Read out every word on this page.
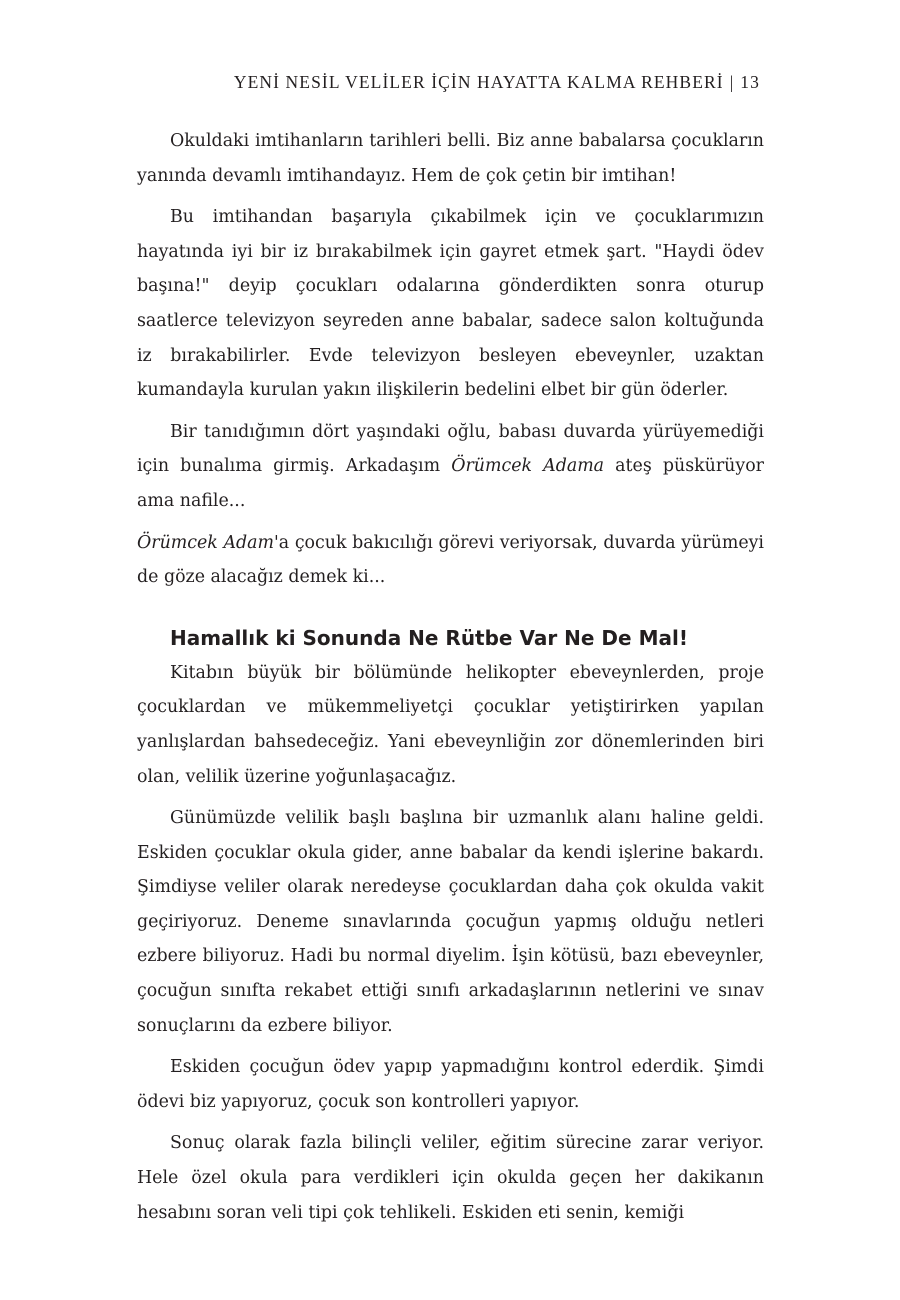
YENİ NESİL VELİLER İÇİN HAYATTA KALMA REHBERİ | 13

Okuldaki imtihanların tarihleri belli. Biz anne babalarsa çocukların yanında devamlı imtihandayız. Hem de çok çetin bir imtihan!

Bu imtihandan başarıyla çıkabilmek için ve çocuklarımızın hayatında iyi bir iz bırakabilmek için gayret etmek şart. "Haydi ödev başına!" deyip çocukları odalarına gönderdikten sonra oturup saatlerce televizyon seyreden anne babalar, sadece salon koltuğunda iz bırakabilirler. Evde televizyon besleyen ebeveynler, uzaktan kumandayla kurulan yakın ilişkilerin bedelini elbet bir gün öderler.

Bir tanıdığımın dört yaşındaki oğlu, babası duvarda yürüyemediği için bunalıma girmiş. Arkadaşım Örümcek Adama ateş püskürüyor ama nafile...

Örümcek Adam'a çocuk bakıcılığı görevi veriyorsak, duvarda yürümeyi de göze alacağız demek ki...

Hamallık ki Sonunda Ne Rütbe Var Ne De Mal!

Kitabın büyük bir bölümünde helikopter ebeveynlerden, proje çocuklardan ve mükemmeliyetçi çocuklar yetiştirirken yapılan yanlışlardan bahsedeceğiz. Yani ebeveynliğin zor dönemlerinden biri olan, velilik üzerine yoğunlaşacağız.

Günümüzde velilik başlı başlına bir uzmanlık alanı haline geldi. Eskiden çocuklar okula gider, anne babalar da kendi işlerine bakardı. Şimdiyse veliler olarak neredeyse çocuklardan daha çok okulda vakit geçiriyoruz. Deneme sınavlarında çocuğun yapmış olduğu netleri ezbere biliyoruz. Hadi bu normal diyelim. İşin kötüsü, bazı ebeveynler, çocuğun sınıfta rekabet ettiği sınıfı arkadaşlarının netlerini ve sınav sonuçlarını da ezbere biliyor.

Eskiden çocuğun ödev yapıp yapmadığını kontrol ederdik. Şimdi ödevi biz yapıyoruz, çocuk son kontrolleri yapıyor.

Sonuç olarak fazla bilinçli veliler, eğitim sürecine zarar veriyor. Hele özel okula para verdikleri için okulda geçen her dakikanın hesabını soran veli tipi çok tehlikeli. Eskiden eti senin, kemiği
